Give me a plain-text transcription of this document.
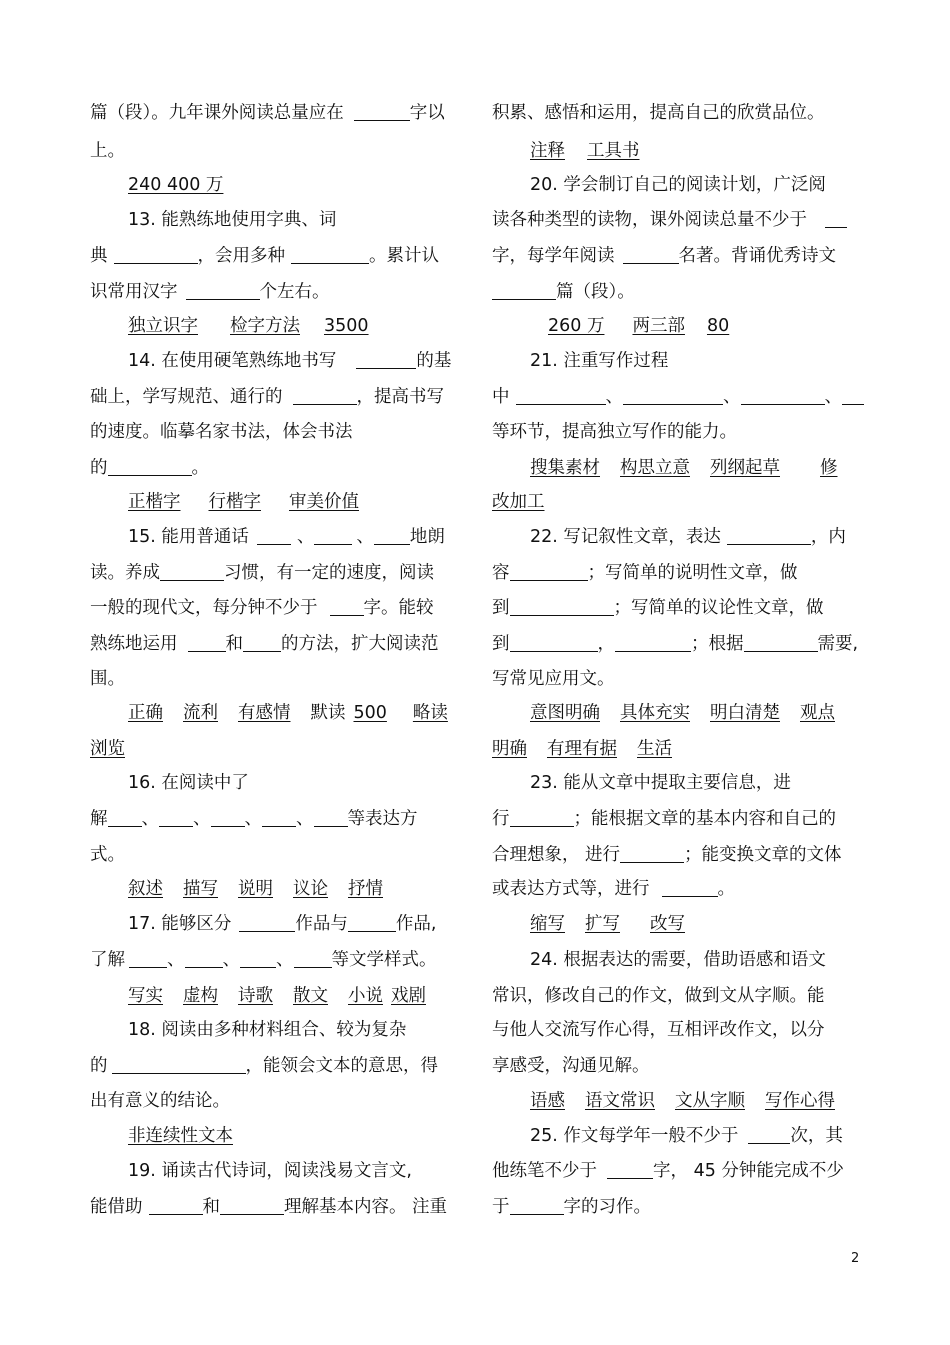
篇（段）。九年课外阅读总量应在	字以
上。
240 400 万
13. 能熟练地使用字典、词
典	，会用多种	。累计认
识常用汉字	个左右。
独立识字 检字方法 3500
14. 在使用硬笔熟练地书写	的基
础上，学写规范、通行的	，提高书写
的速度。临摹名家书法，体会书法
的	。
正楷字 行楷字 审美价值
15. 能用普通话	、 、 地朗
读。养成	习惯，有一定的速度，阅读
一般的现代文，每分钟不少于	字。能较
熟练地运用	和 的方法，扩大阅读范
围。
正确 流利 有感情 默读 500 略读
浏览
16. 在阅读中了
解 、 、 、 、 等表达方
式。
叙述 描写 说明 议论 抒情
17. 能够区分	作品与	作品,
了解 、 、 、 等文学样式。
写实 虚构 诗歌 散文 小说 戏剧
18. 阅读由多种材料组合、较为复杂
的	，能领会文本的意思，得
出有意义的结论。
非连续性文本
19. 诵读古代诗词，阅读浅易文言文,
能借助	和	理解基本内容。 注重
积累、感悟和运用，提高自己的欣赏品位。
注释 工具书
20. 学会制订自己的阅读计划，广泛阅
读各种类型的读物，课外阅读总量不少于
字，每学年阅读	名著。背诵优秀诗文
篇（段）。
260 万 两三部 80
21. 注重写作过程
中	、	、	、
等环节，提高独立写作的能力。
搜集素材 构思立意 列纲起草 修
改加工
22. 写记叙性文章，表达	，内
容	；写简单的说明性文章，做
到	；写简单的议论性文章，做
到	，	；根据	需要,
写常见应用文。
意图明确 具体充实 明白清楚 观点
明确 有理有据 生活
23. 能从文章中提取主要信息，进
行	；能根据文章的基本内容和自己的
合理想象， 进行	；能变换文章的文体
或表达方式等，进行	。
缩写 扩写 改写
24. 根据表达的需要，借助语感和语文
常识，修改自己的作文，做到文从字顺。能
与他人交流写作心得，互相评改作文，以分
享感受，沟通见解。
语感 语文常识 文从字顺 写作心得
25. 作文每学年一般不少于	次，其
他练笔不少于	字， 45 分钟能完成不少
于	字的习作。
2
